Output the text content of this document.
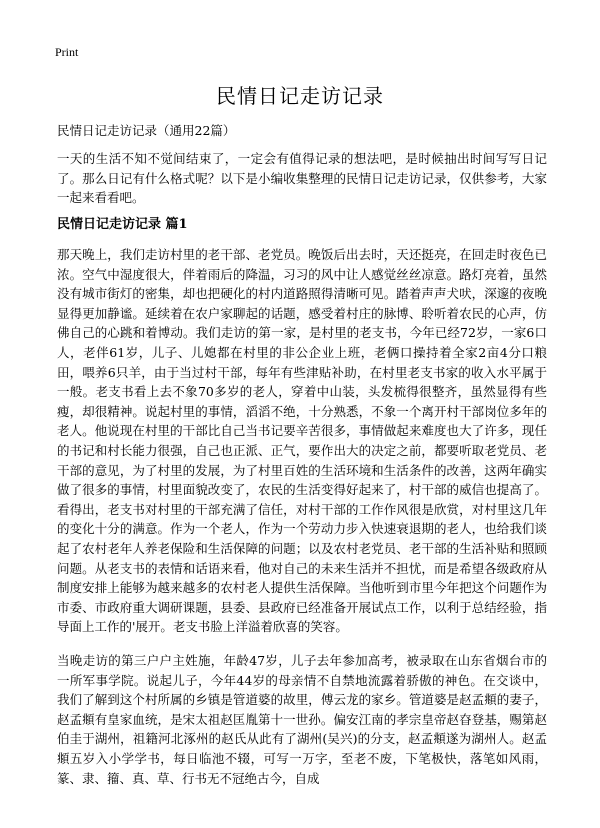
Print
民情日记走访记录
民情日记走访记录（通用22篇）

一天的生活不知不觉间结束了，一定会有值得记录的想法吧，是时候抽出时间写写日记了。那么日记有什么格式呢？以下是小编收集整理的民情日记走访记录，仅供参考，大家一起来看看吧。

民情日记走访记录 篇1

那天晚上，我们走访村里的老干部、老党员。晚饭后出去时，天还挺亮，在回走时夜色已浓。空气中湿度很大，伴着雨后的降温，习习的风中让人感觉丝丝凉意。路灯亮着，虽然没有城市街灯的密集，却也把硬化的村内道路照得清晰可见。踏着声声犬吠，深邃的夜晚显得更加静谧。延续着在农户家聊起的话题，感受着村庄的脉博、聆听着农民的心声，仿佛自己的心跳和着博动。我们走访的第一家，是村里的老支书，今年已经72岁，一家6口人，老伴61岁，儿子、儿媳都在村里的非公企业上班，老俩口操持着全家2亩4分口粮田，喂养6只羊，由于当过村干部，每年有些津贴补助，在村里老支书家的收入水平属于一般。老支书看上去不象70多岁的老人，穿着中山装，头发梳得很整齐，虽然显得有些瘦，却很精神。说起村里的事情，滔滔不绝，十分熟悉，不象一个离开村干部岗位多年的老人。他说现在村里的干部比自己当书记要辛苦很多，事情做起来难度也大了许多，现任的书记和村长能力很强，自己也正派、正气，要作出大的决定之前，都要听取老党员、老干部的意见，为了村里的发展，为了村里百姓的生活环境和生活条件的改善，这两年确实做了很多的事情，村里面貌改变了，农民的生活变得好起来了，村干部的威信也提高了。看得出，老支书对村里的干部充满了信任，对村干部的工作作风很是欣赏，对村里这几年的变化十分的满意。作为一个老人，作为一个劳动力步入快速衰退期的老人，也给我们谈起了农村老年人养老保险和生活保障的问题；以及农村老党员、老干部的生活补贴和照顾问题。从老支书的表情和话语来看，他对自己的未来生活并不担忧，而是希望各级政府从制度安排上能够为越来越多的农村老人提供生活保障。当他听到市里今年把这个问题作为市委、市政府重大调研课题，县委、县政府已经准备开展试点工作，以利于总结经验，指导面上工作的'展开。老支书脸上洋溢着欣喜的笑容。

当晚走访的第三户户主姓施，年龄47岁，儿子去年参加高考，被录取在山东省烟台市的一所军事学院。说起儿子，今年44岁的母亲情不自禁地流露着骄傲的神色。在交谈中，我们了解到这个村所属的乡镇是管道婆的故里，傅云龙的家乡。管道婆是赵孟頫的妻子，赵孟頫有皇家血统，是宋太祖赵匡胤第十一世孙。偏安江南的孝宗皇帝赵昚登基，赐第赵伯圭于湖州，祖籍河北涿州的赵氏从此有了湖州(吴兴)的分支，赵孟頫遂为湖州人。赵孟頫五岁入小学学书，每日临池不辍，可写一万字，至老不废，下笔极快，落笔如风雨，篆、隶、籀、真、草、行书无不冠绝古今，自成
